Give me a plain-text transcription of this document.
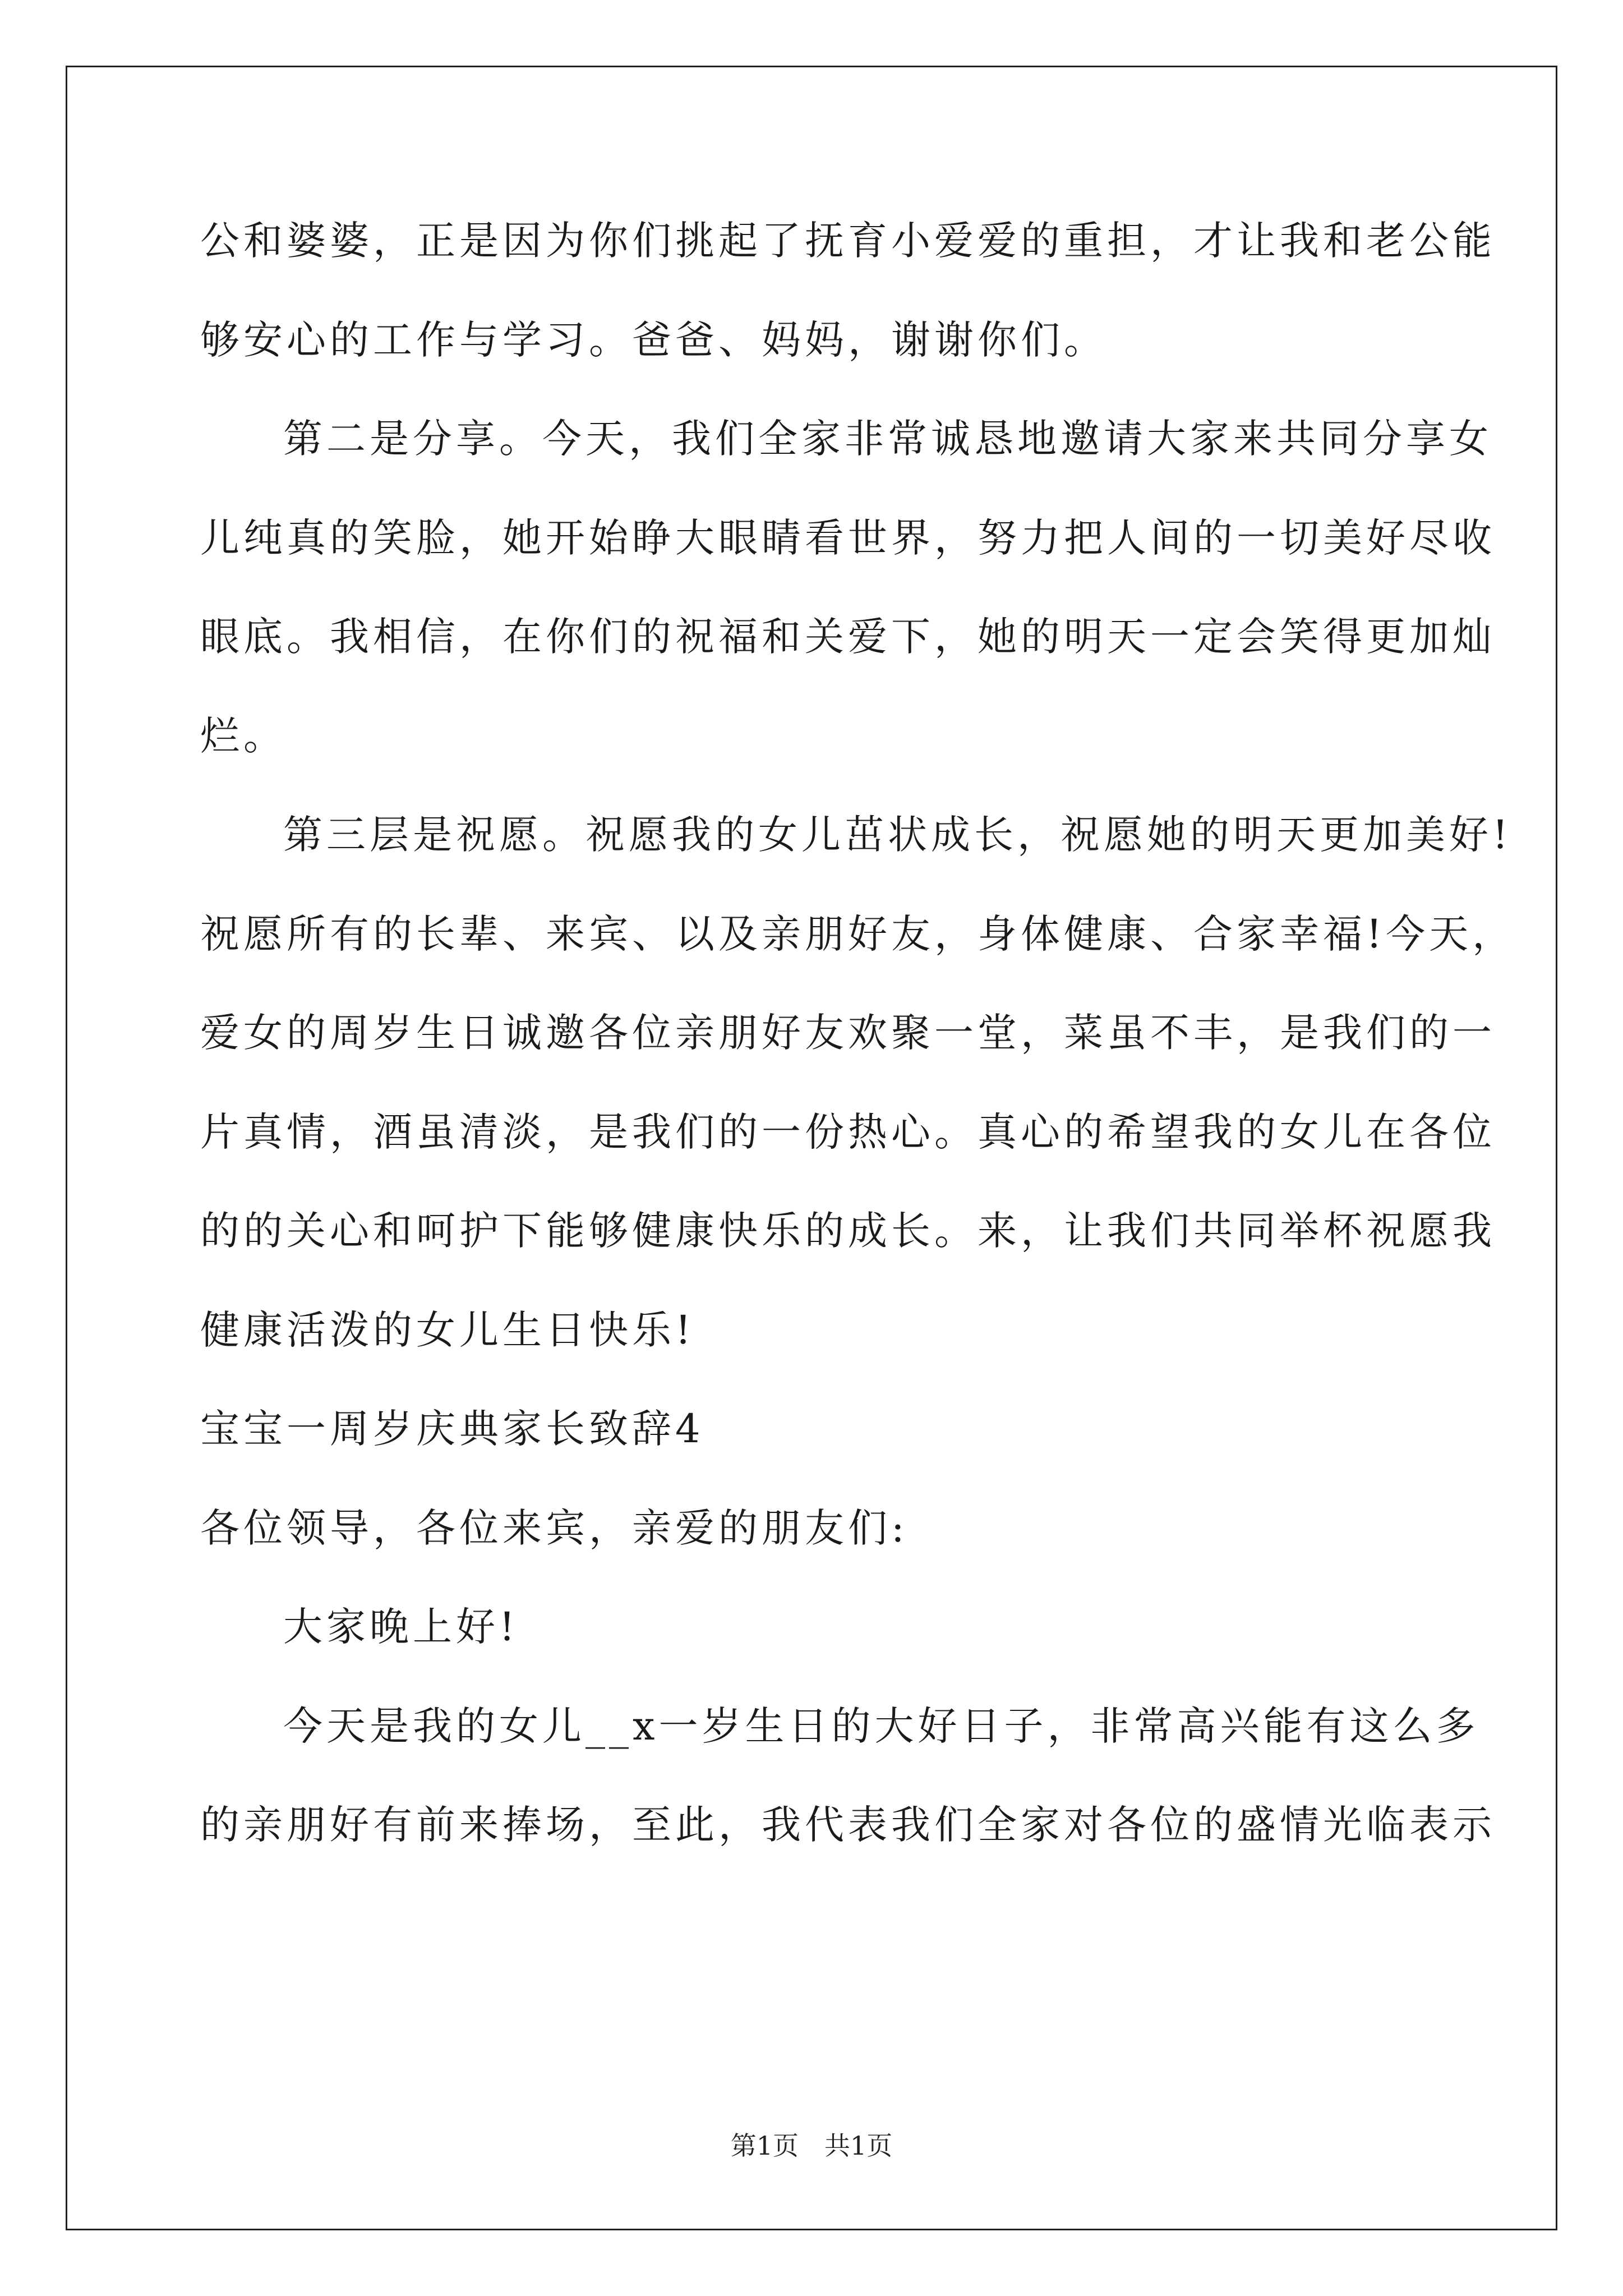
公和婆婆，正是因为你们挑起了抚育小爱爱的重担，才让我和老公能
够安心的工作与学习。爸爸、妈妈，谢谢你们。
第二是分享。今天，我们全家非常诚恳地邀请大家来共同分享女
儿纯真的笑脸，她开始睁大眼睛看世界，努力把人间的一切美好尽收
眼底。我相信，在你们的祝福和关爱下，她的明天一定会笑得更加灿
烂。
第三层是祝愿。祝愿我的女儿茁状成长，祝愿她的明天更加美好!
祝愿所有的长辈、来宾、以及亲朋好友，身体健康、合家幸福!今天，
爱女的周岁生日诚邀各位亲朋好友欢聚一堂，菜虽不丰，是我们的一
片真情，酒虽清淡，是我们的一份热心。真心的希望我的女儿在各位
的的关心和呵护下能够健康快乐的成长。来，让我们共同举杯祝愿我
健康活泼的女儿生日快乐!
宝宝一周岁庆典家长致辞4
各位领导，各位来宾，亲爱的朋友们:
大家晚上好!
今天是我的女儿__x一岁生日的大好日子，非常高兴能有这么多
的亲朋好有前来捧场，至此，我代表我们全家对各位的盛情光临表示
第1页　共1页
